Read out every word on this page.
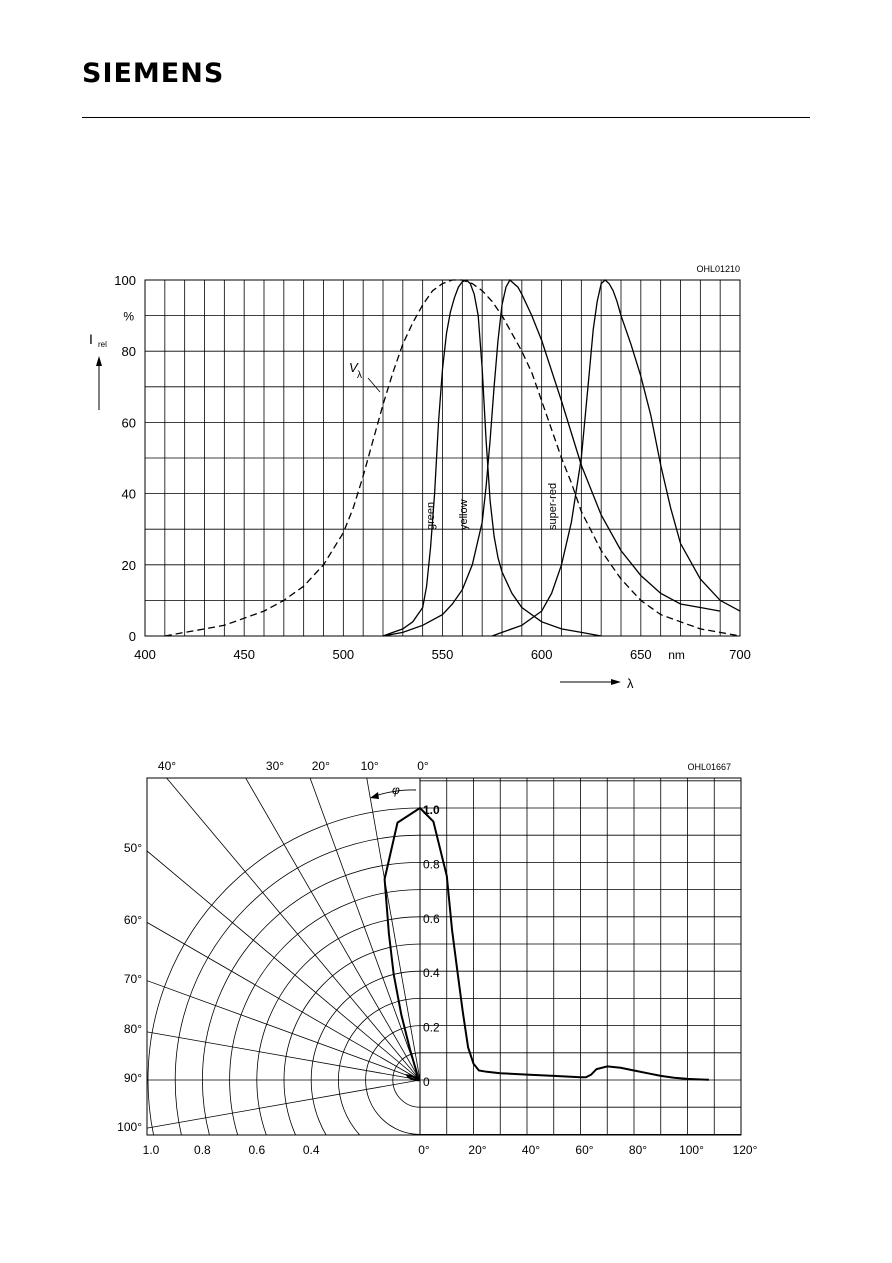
SIEMENS
0
20
40
60
80
100
%
400	450	500	550	600	650	700
nm
OHL01210
λ
I rel
V
λ
green yellow	super-red
40°	30° 20°	10°	0°
50°
60°
70°
80°
90°
100°
φ
0
0.2
0.4
0.6
0.8
1.0
1.0	0.8	0.6	0.4	0°	20°	40°	60°	80°	100° 120°
OHL01667
